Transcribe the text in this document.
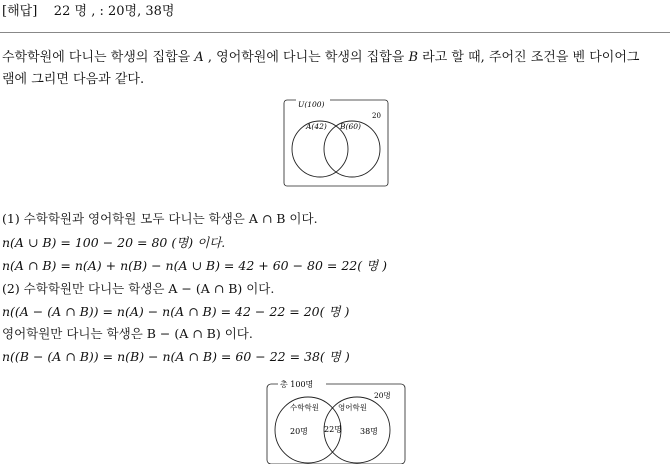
[해답] 22 명 , : 20명, 38명
수학학원에 다니는 학생의 집합을 A , 영어학원에 다니는 학생의 집합을 B 라고 할 때, 주어진 조건을 벤 다이어그
램에 그리면 다음과 같다.
U(100)
20
A(42) B(60)
(1) 수학학원과 영어학원 모두 다니는 학생은 A ∩ B 이다.
n(A ∪ B) = 100 − 20 = 80 (명) 이다.
n(A ∩ B) = n(A) + n(B) − n(A ∪ B) = 42 + 60 − 80 = 22( 명 )
(2) 수학학원만 다니는 학생은 A − (A ∩ B) 이다.
n((A − (A ∩ B)) = n(A) − n(A ∩ B) = 42 − 22 = 20( 명 )
영어학원만 다니는 학생은 B − (A ∩ B) 이다.
n((B − (A ∩ B)) = n(B) − n(A ∩ B) = 60 − 22 = 38( 명 )
총 100명
20명
수학학원	영어학원
20명 22명 38명
